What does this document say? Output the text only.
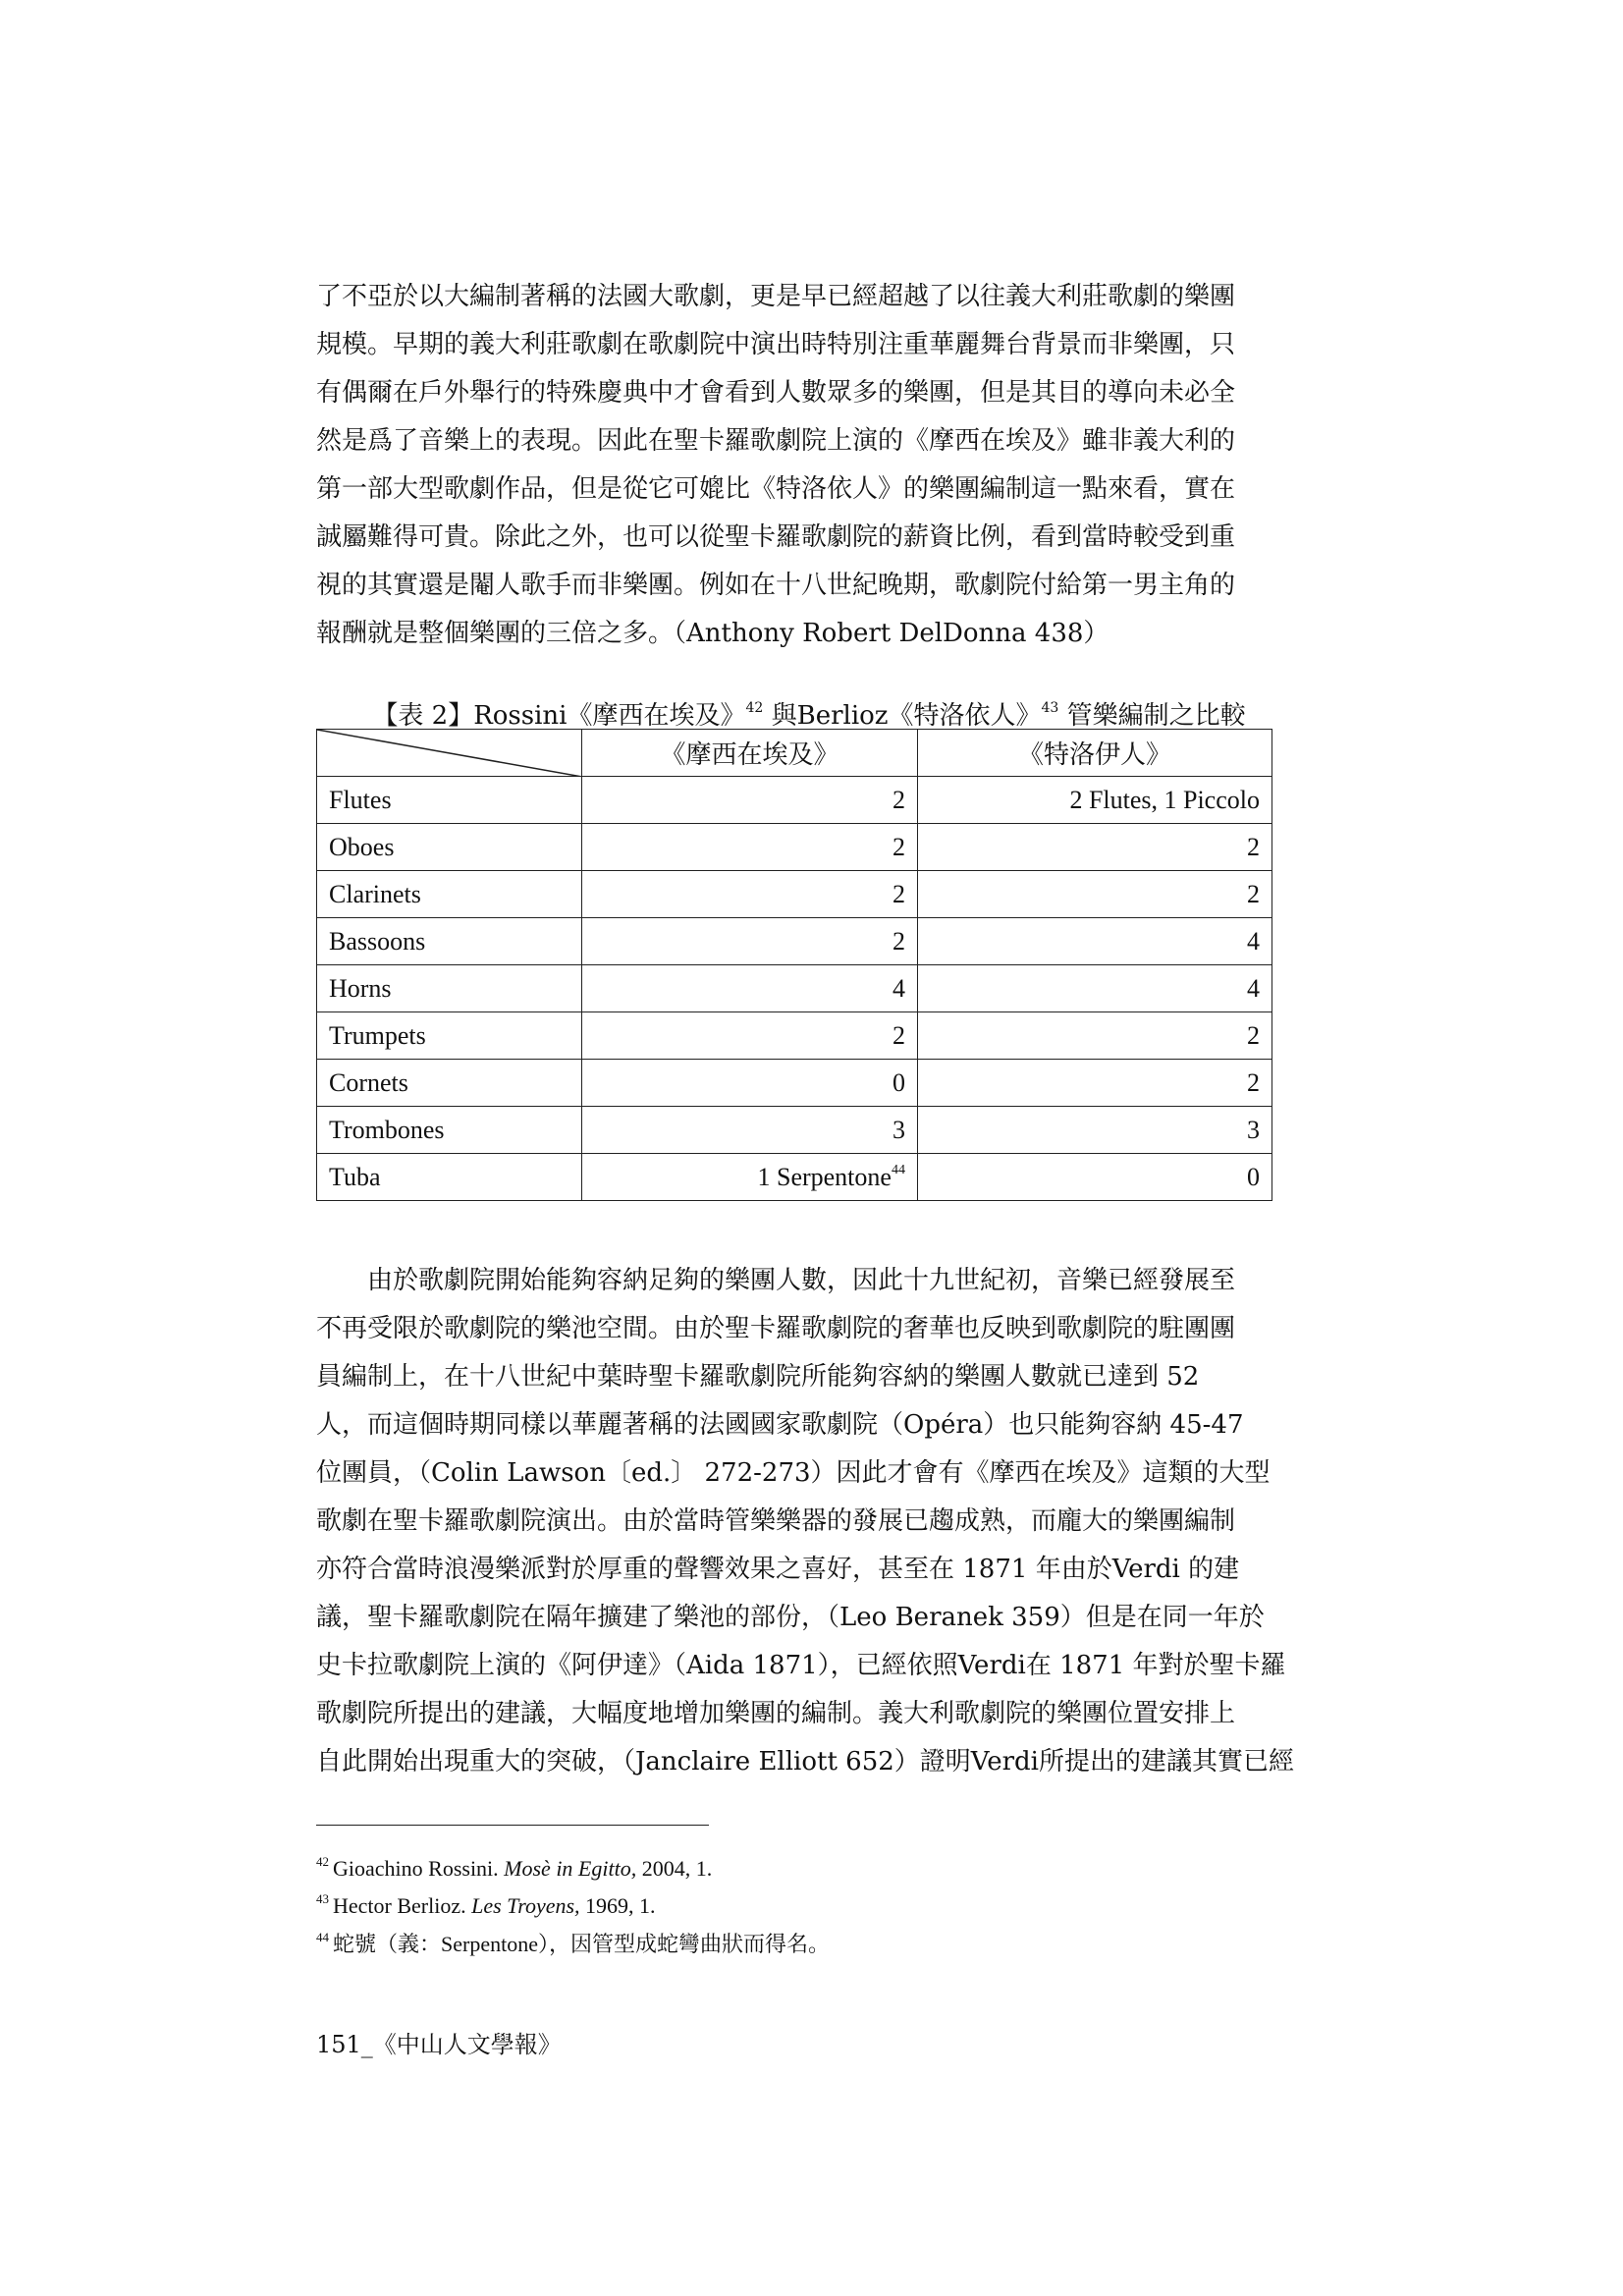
了不亞於以大編制著稱的法國大歌劇，更是早已經超越了以往義大利莊歌劇的樂團
規模。早期的義大利莊歌劇在歌劇院中演出時特別注重華麗舞台背景而非樂團，只
有偶爾在戶外舉行的特殊慶典中才會看到人數眾多的樂團，但是其目的導向未必全
然是爲了音樂上的表現。因此在聖卡羅歌劇院上演的《摩西在埃及》雖非義大利的
第一部大型歌劇作品，但是從它可媲比《特洛依人》的樂團編制這一點來看，實在
誠屬難得可貴。除此之外，也可以從聖卡羅歌劇院的薪資比例，看到當時較受到重
視的其實還是閹人歌手而非樂團。例如在十八世紀晚期，歌劇院付給第一男主角的
報酬就是整個樂團的三倍之多。（Anthony Robert DelDonna 438）

【表 2】Rossini《摩西在埃及》$^{42}$ 與Berlioz《特洛依人》$^{43}$ 管樂編制之比較
	《摩西在埃及》	《特洛伊人》
Flutes	2	2 Flutes, 1 Piccolo
Oboes	2	2
Clarinets	2	2
Bassoons	2	4
Horns	4	4
Trumpets	2	2
Cornets	0	2
Trombones	3	3
Tuba	1 Serpentone$^{44}$	0

由於歌劇院開始能夠容納足夠的樂團人數，因此十九世紀初，音樂已經發展至
不再受限於歌劇院的樂池空間。由於聖卡羅歌劇院的奢華也反映到歌劇院的駐團團
員編制上，在十八世紀中葉時聖卡羅歌劇院所能夠容納的樂團人數就已達到 52
人，而這個時期同樣以華麗著稱的法國國家歌劇院（Opéra）也只能夠容納 45-47
位團員，（Colin Lawson〔ed.〕 272-273）因此才會有《摩西在埃及》這類的大型
歌劇在聖卡羅歌劇院演出。由於當時管樂樂器的發展已趨成熟，而龐大的樂團編制
亦符合當時浪漫樂派對於厚重的聲響效果之喜好，甚至在 1871 年由於Verdi 的建
議，聖卡羅歌劇院在隔年擴建了樂池的部份，（Leo Beranek 359）但是在同一年於
史卡拉歌劇院上演的《阿伊達》（Aida 1871），已經依照Verdi在 1871 年對於聖卡羅
歌劇院所提出的建議，大幅度地增加樂團的編制。義大利歌劇院的樂團位置安排上
自此開始出現重大的突破，（Janclaire Elliott 652）證明Verdi所提出的建議其實已經

$^{42}$ Gioachino Rossini. Mosè in Egitto, 2004, 1.
$^{43}$ Hector Berlioz. Les Troyens, 1969, 1.
$^{44}$ 蛇號（義：Serpentone），因管型成蛇彎曲狀而得名。
151_《中山人文學報》
